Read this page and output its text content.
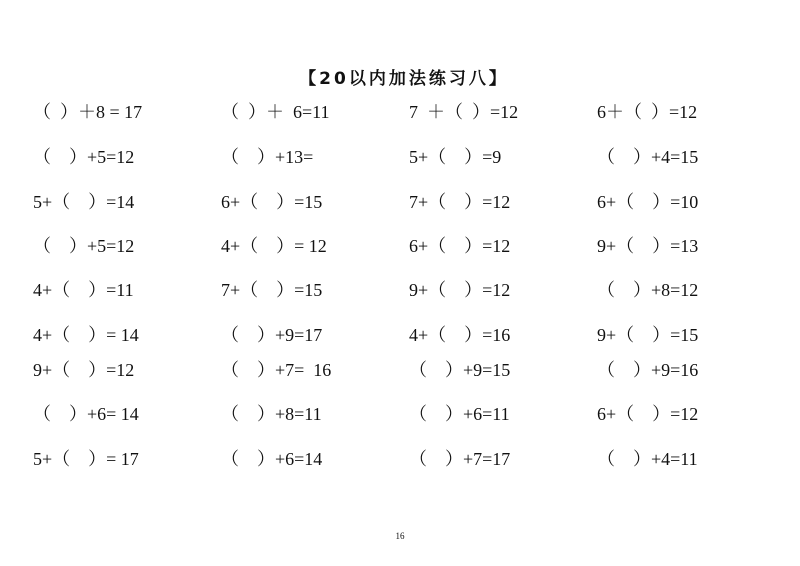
【20以内加法练习八】
（  ）＋8 = 17	（  ）＋  6=11	7  ＋（  ）=12	6＋（  ）=12
（    ）+5=12	（    ）+13=	5+（    ）=9	（    ）+4=15
5+（    ）=14	6+（    ）=15	7+（    ）=12	6+（    ）=10
（    ）+5=12	4+（    ）= 12	6+（    ）=12	9+（    ）=13
4+（    ）=11	7+（    ）=15	9+（    ）=12	（    ）+8=12
4+（    ）= 14	（    ）+9=17	4+（    ）=16	9+（    ）=15
9+（    ）=12	（    ）+7=  16	（    ）+9=15	（    ）+9=16
（    ）+6= 14	（    ）+8=11	（    ）+6=11	6+（    ）=12
5+（    ）= 17	（    ）+6=14	（    ）+7=17	（    ）+4=11
16
